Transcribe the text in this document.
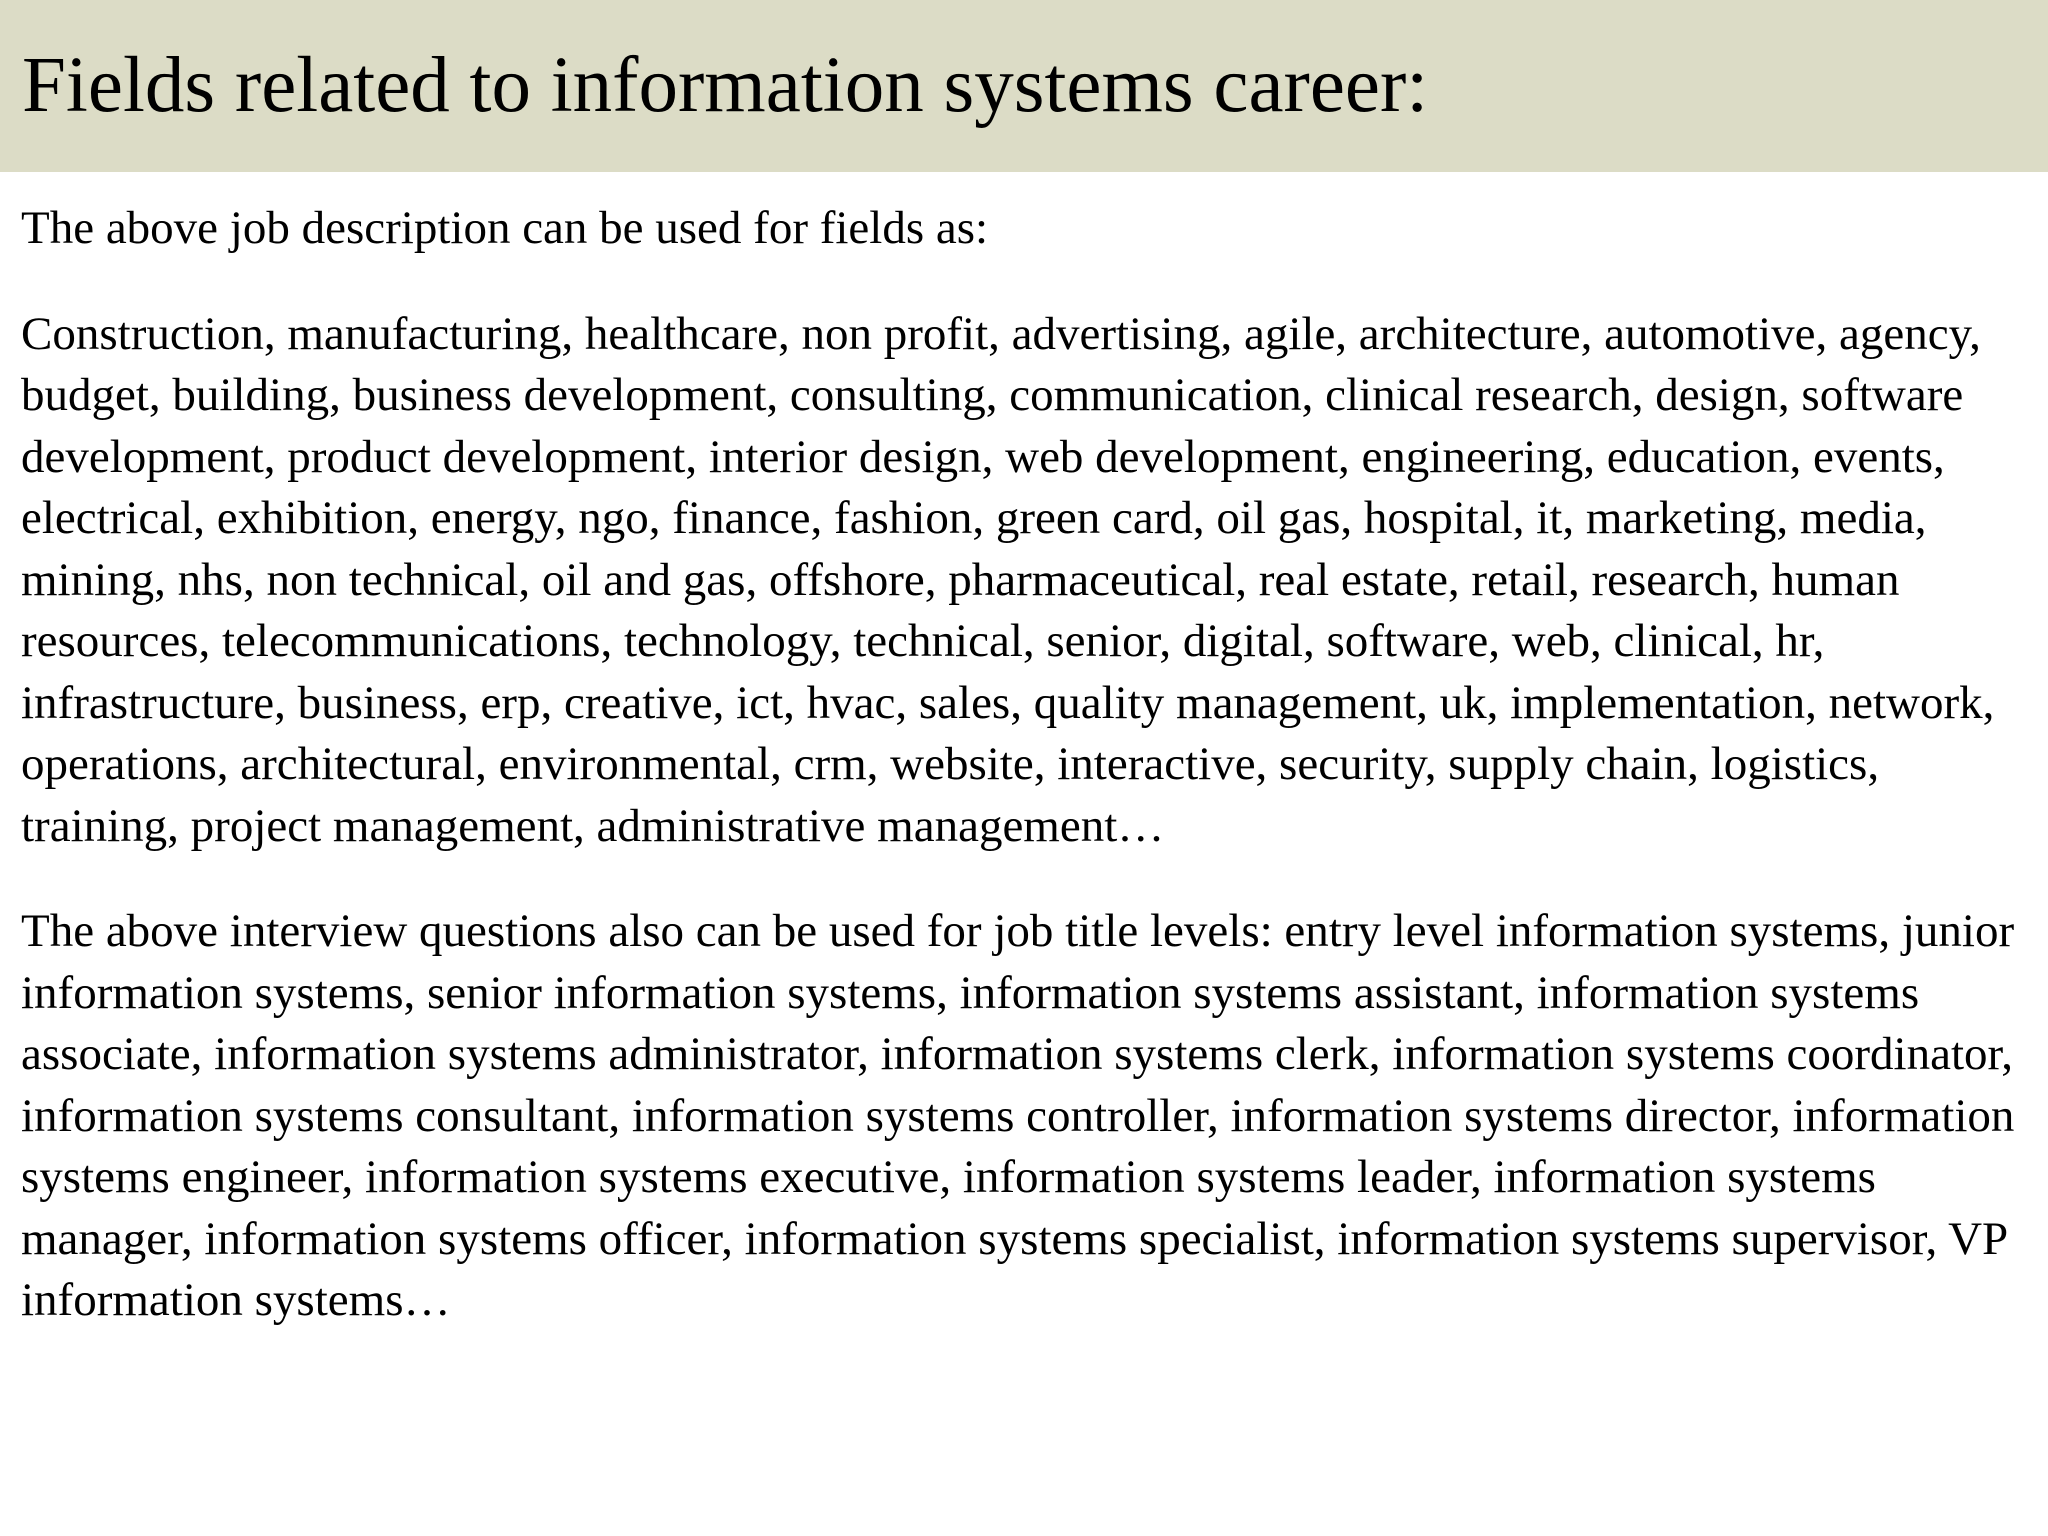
Fields related to information systems career:

The above job description can be used for fields as:

Construction, manufacturing, healthcare, non profit, advertising, agile, architecture, automotive, agency, budget, building, business development, consulting, communication, clinical research, design, software development, product development, interior design, web development, engineering, education, events, electrical, exhibition, energy, ngo, finance, fashion, green card, oil gas, hospital, it, marketing, media, mining, nhs, non technical, oil and gas, offshore, pharmaceutical, real estate, retail, research, human resources, telecommunications, technology, technical, senior, digital, software, web, clinical, hr, infrastructure, business, erp, creative, ict, hvac, sales, quality management, uk, implementation, network, operations, architectural, environmental, crm, website, interactive, security, supply chain, logistics, training, project management, administrative management…

The above interview questions also can be used for job title levels: entry level information systems, junior information systems, senior information systems, information systems assistant, information systems associate, information systems administrator, information systems clerk, information systems coordinator, information systems consultant, information systems controller, information systems director, information systems engineer, information systems executive, information systems leader, information systems manager, information systems officer, information systems specialist, information systems supervisor, VP information systems…
